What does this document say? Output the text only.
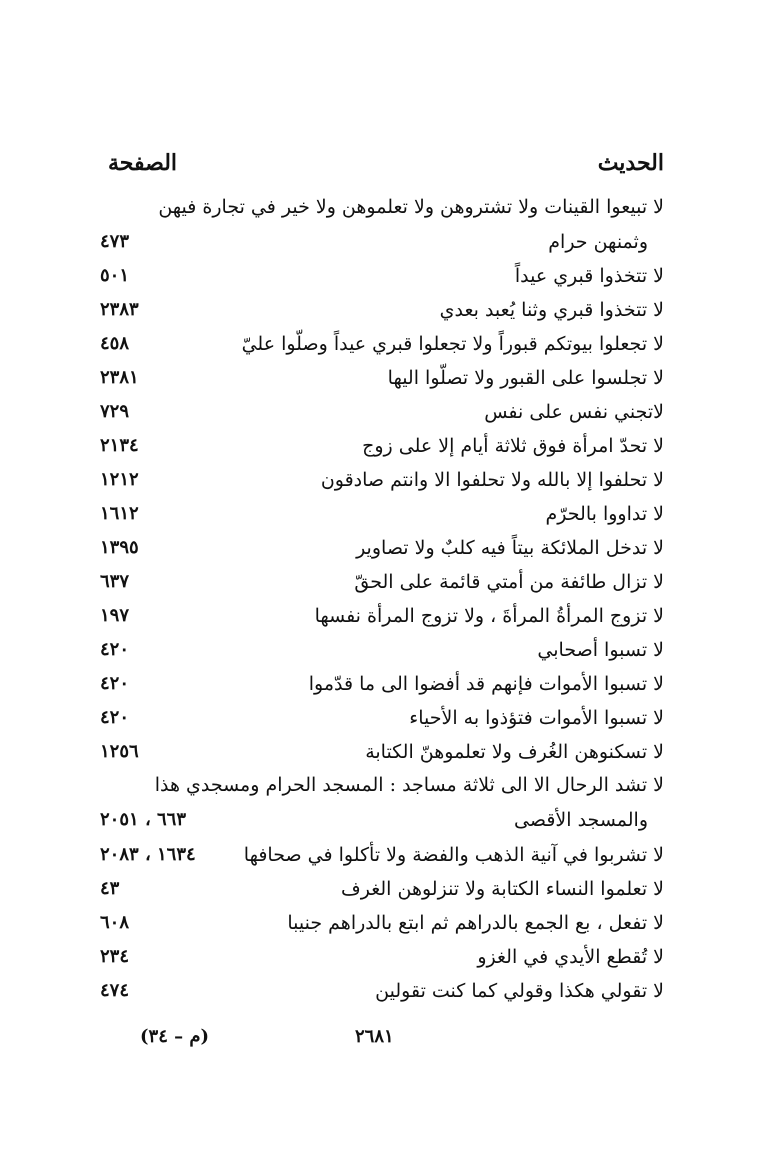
الحديث
الصفحة
لا تبيعوا القينات ولا تشتروهن ولا تعلموهن ولا خير في تجارة فيهن
وثمنهن حرام
٤٧٣
لا تتخذوا قبري عيداً
٥٠١
لا تتخذوا قبري وثنا يُعبد بعدي
٢٣٨٣
لا تجعلوا بيوتكم قبوراً ولا تجعلوا قبري عيداً وصلّوا عليّ
٤٥٨
لا تجلسوا على القبور ولا تصلّوا اليها
٢٣٨١
لاتجني نفس على نفس
٧٢٩
لا تحدّ امرأة فوق ثلاثة أيام إلا على زوج
٢١٣٤
لا تحلفوا إلا بالله ولا تحلفوا الا وانتم صادقون
١٢١٢
لا تداووا بالحرّم
١٦١٢
لا تدخل الملائكة بيتاً فيه كلبٌ ولا تصاوير
١٣٩٥
لا تزال طائفة من أمتي قائمة على الحقّ
٦٣٧
لا تزوج المرأةُ المرأةَ ، ولا تزوج المرأة نفسها
١٩٧
لا تسبوا أصحابي
٤٢٠
لا تسبوا الأموات فإنهم قد أفضوا الى ما قدّموا
٤٢٠
لا تسبوا الأموات فتؤذوا به الأحياء
٤٢٠
لا تسكنوهن الغُرف ولا تعلموهنّ الكتابة
١٢٥٦
لا تشد الرحال الا الى ثلاثة مساجد : المسجد الحرام ومسجدي هذا
والمسجد الأقصى
٦٦٣ ، ٢٠٥١
لا تشربوا في آنية الذهب والفضة ولا تأكلوا في صحافها
١٦٣٤ ، ٢٠٨٣
لا تعلموا النساء الكتابة ولا تنزلوهن الغرف
٤٣
لا تفعل ، بع الجمع بالدراهم ثم ابتع بالدراهم جنيبا
٦٠٨
لا تُقطع الأيدي في الغزو
٢٣٤
لا تقولي هكذا وقولي كما كنت تقولين
٤٧٤
٢٦٨١
(م – ٣٤)
